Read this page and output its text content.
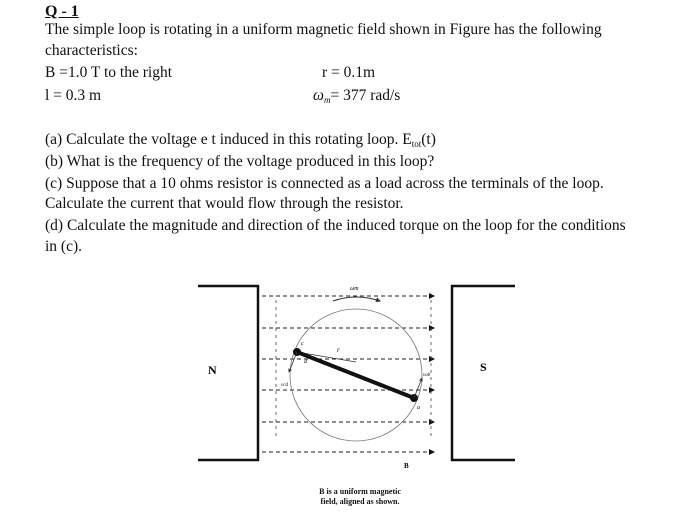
Q - 1
The simple loop is rotating in a uniform magnetic field shown in Figure has the following
characteristics:
B =1.0 T to the right	r = 0.1m
l = 0.3 m	ωm= 377 rad/s
(a) Calculate the voltage e t induced in this rotating loop. Etot(t)
(b) What is the frequency of the voltage produced in this loop?
(c) Suppose that a 10 ohms resistor is connected as a load across the terminals of the loop.
Calculate the current that would flow through the resistor.
(d) Calculate the magnitude and direction of the induced torque on the loop for the conditions
in (c).
N	S
B
ωm
r
c
d
a
vcd
vab
B is a uniform magnetic
field, aligned as shown.
